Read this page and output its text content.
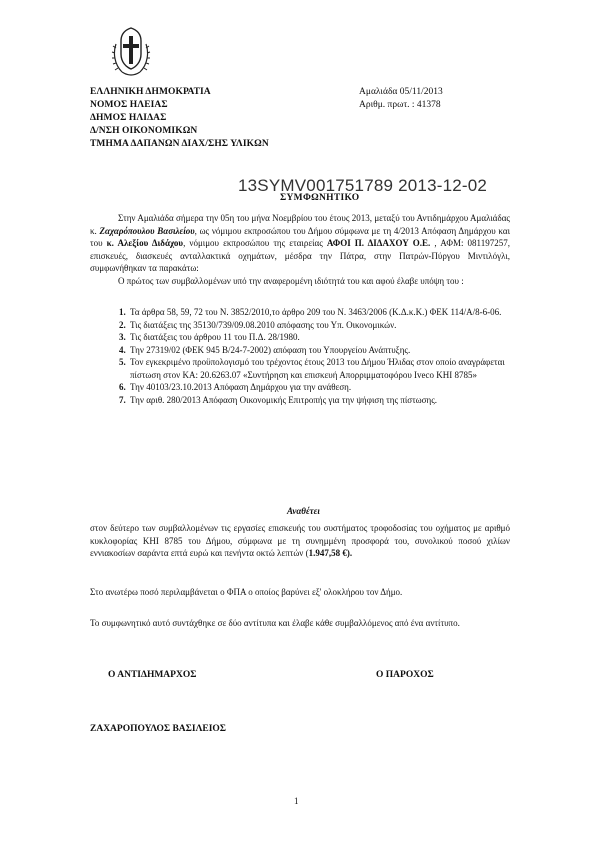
ΕΛΛΗΝΙΚΗ ΔΗΜΟΚΡΑΤΙΑ
ΝΟΜΟΣ ΗΛΕΙΑΣ
ΔΗΜΟΣ ΗΛΙΔΑΣ
Δ/ΝΣΗ ΟΙΚΟΝΟΜΙΚΩΝ
ΤΜΗΜΑ ΔΑΠΑΝΩΝ ΔΙΑΧ/ΣΗΣ ΥΛΙΚΩΝ
Αμαλιάδα 05/11/2013
Αριθμ. πρωτ. : 41378
13SYMV001751789 2013-12-02
ΣΥΜΦΩΝΗΤΙΚΟ
Στην Αμαλιάδα σήμερα την 05η του μήνα Νοεμβρίου του έτους 2013, μεταξύ του Αντιδημάρχου Αμαλιάδας κ. Ζαχαρόπουλου Βασιλείου, ως νόμιμου εκπροσώπου του Δήμου σύμφωνα με τη 4/2013 Απόφαση Δημάρχου και του κ. Αλεξίου Διδάχου, νόμιμου εκπροσώπου της εταιρείας ΑΦΟΙ Π. ΔΙΔΑΧΟΥ Ο.Ε. , ΑΦΜ: 081197257, επισκευές, διασκευές ανταλλακτικά οχημάτων, μέσδρα την Πάτρα, στην Πατρών-Πύργου Μιντιλόγλι, συμφωνήθηκαν τα παρακάτω:
Ο πρώτος των συμβαλλομένων υπό την αναφερομένη ιδιότητά του και αφού έλαβε υπόψη του :
1. Τα άρθρα 58, 59, 72 του Ν. 3852/2010,το άρθρο 209 του Ν. 3463/2006 (Κ.Δ.κ.Κ.) ΦΕΚ 114/Α/8-6-06.
2. Τις διατάξεις της 35130/739/09.08.2010 απόφασης του Υπ. Οικονομικών.
3. Τις διατάξεις του άρθρου 11 του Π.Δ. 28/1980.
4. Την 27319/02 (ΦΕΚ 945 Β/24-7-2002) απόφαση του Υπουργείου Ανάπτυξης.
5. Τον εγκεκριμένο προϋπολογισμό του τρέχοντος έτους 2013 του Δήμου Ήλιδας στον οποίο αναγράφεται πίστωση στον ΚΑ: 20.6263.07 «Συντήρηση και επισκευή Απορριμματοφόρου Iveco ΚΗΙ 8785»
6. Την 40103/23.10.2013 Απόφαση Δημάρχου για την ανάθεση.
7. Την αριθ. 280/2013 Απόφαση Οικονομικής Επιτροπής για την ψήφιση της πίστωσης.
Αναθέτει
στον δεύτερο των συμβαλλομένων τις εργασίες επισκευής του συστήματος τροφοδοσίας του οχήματος με αριθμό κυκλοφορίας ΚΗΙ 8785 του Δήμου, σύμφωνα με τη συνημμένη προσφορά του, συνολικού ποσού χιλίων εννιακοσίων σαράντα επτά ευρώ και πενήντα οκτώ λεπτών (1.947,58 €).
Στο ανωτέρω ποσό περιλαμβάνεται ο ΦΠΑ ο οποίος βαρύνει εξ' ολοκλήρου τον Δήμο.
Το συμφωνητικό αυτό συντάχθηκε σε δύο αντίτυπα και έλαβε κάθε συμβαλλόμενος από ένα αντίτυπο.
Ο ΑΝΤΙΔΗΜΑΡΧΟΣ	Ο ΠΑΡΟΧΟΣ
ΖΑΧΑΡΟΠΟΥΛΟΣ ΒΑΣΙΛΕΙΟΣ
1
